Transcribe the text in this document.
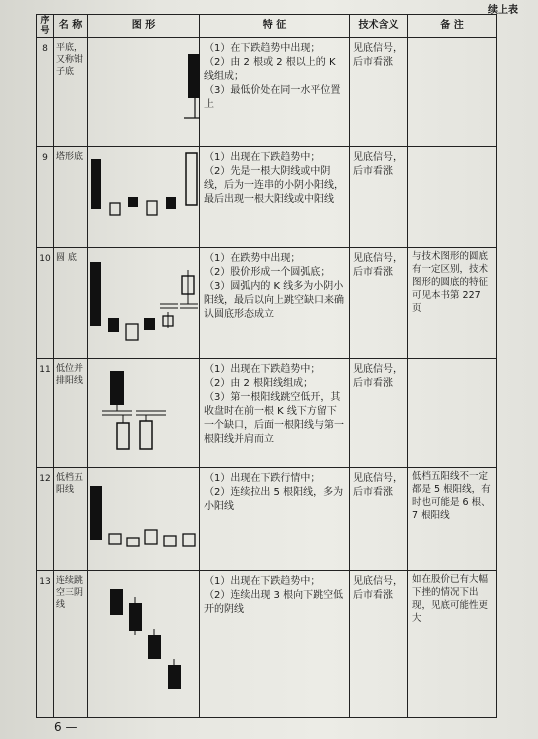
续上表
序号	名 称	图 形	特 征	技术含义	备 注
8	平底，又称钳子底		（1）在下跌趋势中出现；
（2）由 2 根或 2 根以上的 K 线组成；
（3）最低价处在同一水平位置上	见底信号，后市看涨	
9	塔形底		（1）出现在下跌趋势中；
（2）先是一根大阴线或中阴线，后为一连串的小阴小阳线，最后出现一根大阳线或中阳线	见底信号，后市看涨	
10	圆 底		（1）在跌势中出现；
（2）股价形成一个圆弧底；
（3）圆弧内的 K 线多为小阴小阳线，最后以向上跳空缺口来确认圆底形态成立	见底信号，后市看涨	与技术图形的圆底有一定区别，技术图形的圆底的特征可见本书第 227 页
11	低位并排阳线		（1）出现在下跌趋势中；
（2）由 2 根阳线组成；
（3）第一根阳线跳空低开，其收盘时在前一根 K 线下方留下一个缺口，后面一根阳线与第一根阳线并肩而立	见底信号，后市看涨	
12	低档五阳线		（1）出现在下跌行情中；
（2）连续拉出 5 根阳线，多为小阳线	见底信号，后市看涨	低档五阳线不一定都是 5 根阳线，有时也可能是 6 根、7 根阳线
13	连续跳空三阴线		（1）出现在下跌趋势中；
（2）连续出现 3 根向下跳空低开的阴线	见底信号，后市看涨	如在股价已有大幅下挫的情况下出现，见底可能性更大
6 —
